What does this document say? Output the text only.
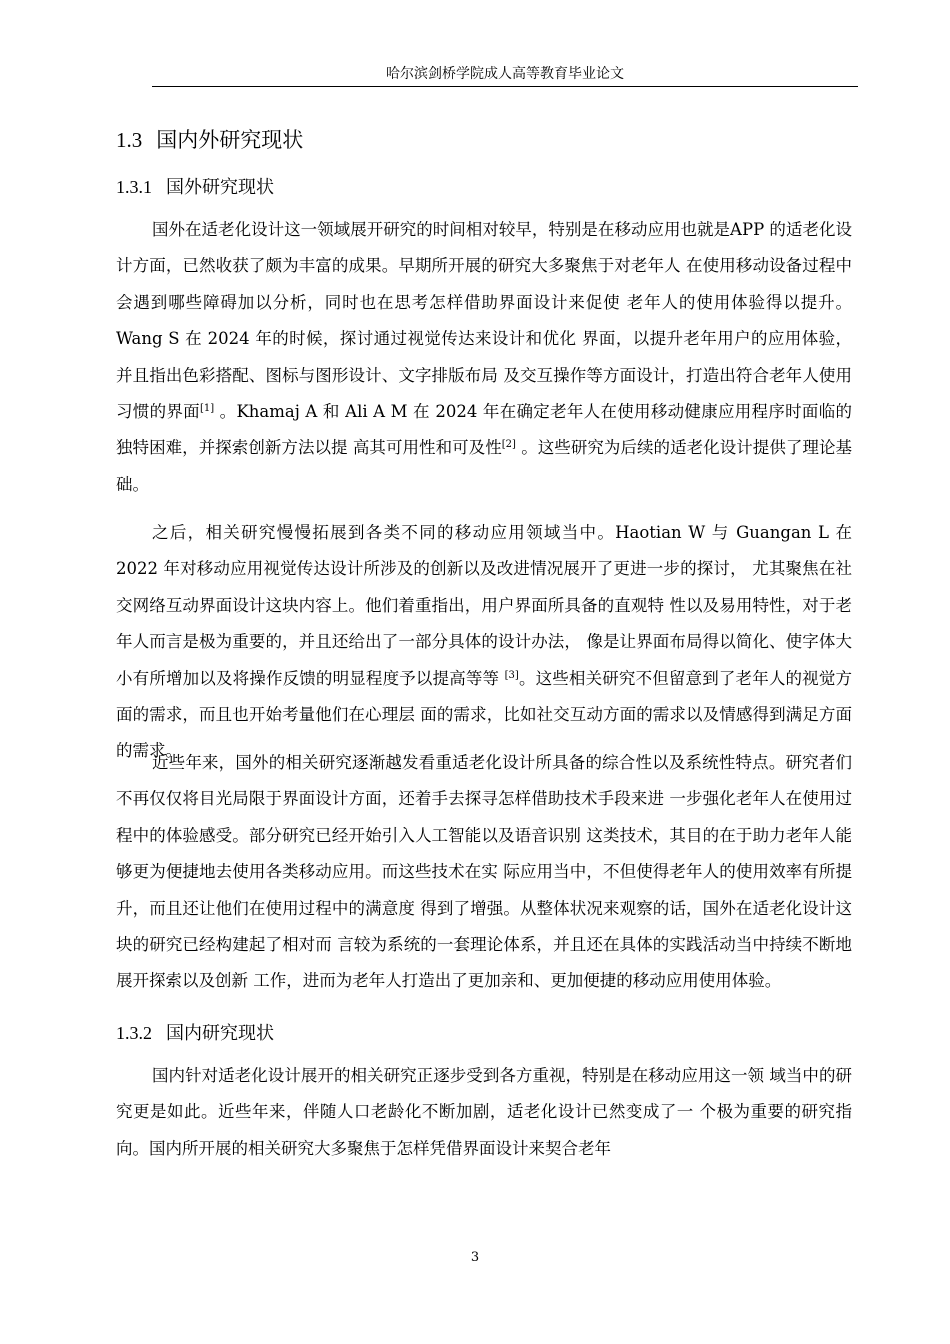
哈尔滨剑桥学院成人高等教育毕业论文
1.3 国内外研究现状
1.3.1 国外研究现状

国外在适老化设计这一领域展开研究的时间相对较早，特别是在移动应用也就是APP 的适老化设计方面，已然收获了颇为丰富的成果。早期所开展的研究大多聚焦于对老年人 在使用移动设备过程中会遇到哪些障碍加以分析，同时也在思考怎样借助界面设计来促使 老年人的使用体验得以提升。Wang S 在 2024 年的时候，探讨通过视觉传达来设计和优化 界面，以提升老年用户的应用体验，并且指出色彩搭配、图标与图形设计、文字排版布局 及交互操作等方面设计，打造出符合老年人使用习惯的界面[1] 。Khamaj A 和 Ali A M 在 2024 年在确定老年人在使用移动健康应用程序时面临的独特困难，并探索创新方法以提 高其可用性和可及性[2] 。这些研究为后续的适老化设计提供了理论基础。

之后，相关研究慢慢拓展到各类不同的移动应用领域当中。Haotian W 与 Guangan L 在 2022 年对移动应用视觉传达设计所涉及的创新以及改进情况展开了更进一步的探讨， 尤其聚焦在社交网络互动界面设计这块内容上。他们着重指出，用户界面所具备的直观特 性以及易用特性，对于老年人而言是极为重要的，并且还给出了一部分具体的设计办法， 像是让界面布局得以简化、使字体大小有所增加以及将操作反馈的明显程度予以提高等等 [3]。这些相关研究不但留意到了老年人的视觉方面的需求，而且也开始考量他们在心理层 面的需求，比如社交互动方面的需求以及情感得到满足方面的需求。

近些年来，国外的相关研究逐渐越发看重适老化设计所具备的综合性以及系统性特点。研究者们不再仅仅将目光局限于界面设计方面，还着手去探寻怎样借助技术手段来进 一步强化老年人在使用过程中的体验感受。部分研究已经开始引入人工智能以及语音识别 这类技术，其目的在于助力老年人能够更为便捷地去使用各类移动应用。而这些技术在实 际应用当中，不但使得老年人的使用效率有所提升，而且还让他们在使用过程中的满意度 得到了增强。从整体状况来观察的话，国外在适老化设计这块的研究已经构建起了相对而 言较为系统的一套理论体系，并且还在具体的实践活动当中持续不断地展开探索以及创新 工作，进而为老年人打造出了更加亲和、更加便捷的移动应用使用体验。

1.3.2 国内研究现状

国内针对适老化设计展开的相关研究正逐步受到各方重视，特别是在移动应用这一领 域当中的研究更是如此。近些年来，伴随人口老龄化不断加剧，适老化设计已然变成了一 个极为重要的研究指向。国内所开展的相关研究大多聚焦于怎样凭借界面设计来契合老年

3
